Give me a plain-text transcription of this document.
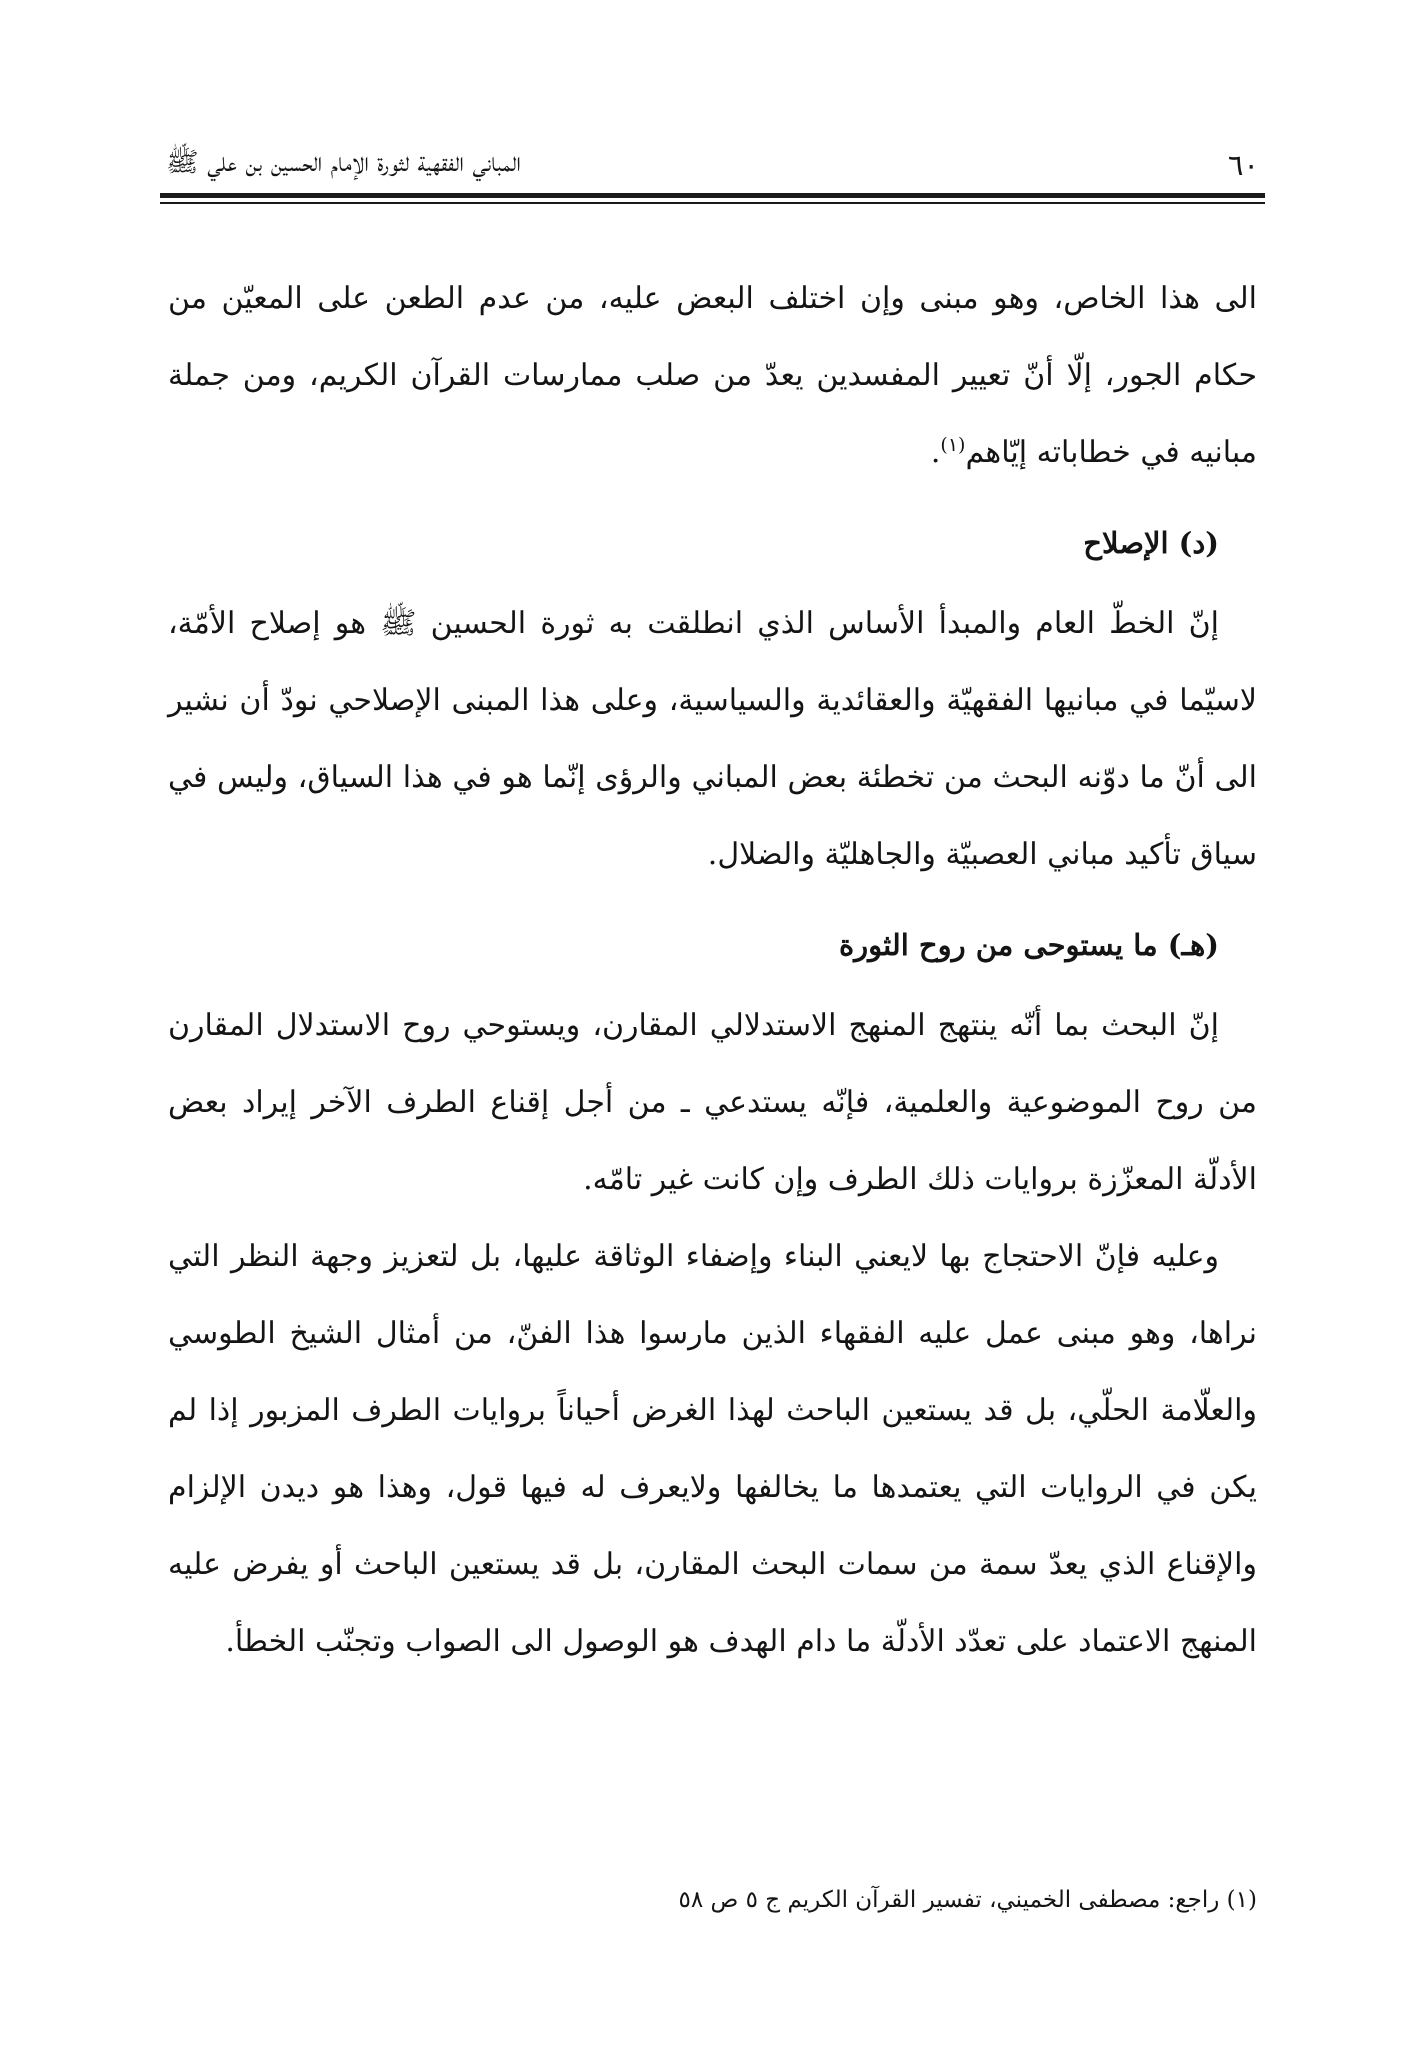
٦٠
المباني الفقهية لثورة الإمام الحسين بن علي ﷺ

الى هذا الخاص، وهو مبنى وإن اختلف البعض عليه، من عدم الطعن على المعيّن من حكام الجور، إلّا أنّ تعيير المفسدين يعدّ من صلب ممارسات القرآن الكريم، ومن جملة مبانيه في خطاباته إيّاهم$^{(١)}$.

(د) الإصلاح

إنّ الخطّ العام والمبدأ الأساس الذي انطلقت به ثورة الحسين ﷺ هو إصلاح الأمّة، لاسيّما في مبانيها الفقهيّة والعقائدية والسياسية، وعلى هذا المبنى الإصلاحي نودّ أن نشير الى أنّ ما دوّنه البحث من تخطئة بعض المباني والرؤى إنّما هو في هذا السياق، وليس في سياق تأكيد مباني العصبيّة والجاهليّة والضلال.

(هـ) ما يستوحى من روح الثورة

إنّ البحث بما أنّه ينتهج المنهج الاستدلالي المقارن، ويستوحي روح الاستدلال المقارن من روح الموضوعية والعلمية، فإنّه يستدعي ـ من أجل إقناع الطرف الآخر إيراد بعض الأدلّة المعزّزة بروايات ذلك الطرف وإن كانت غير تامّه.

وعليه فإنّ الاحتجاج بها لايعني البناء وإضفاء الوثاقة عليها، بل لتعزيز وجهة النظر التي نراها، وهو مبنى عمل عليه الفقهاء الذين مارسوا هذا الفنّ، من أمثال الشيخ الطوسي والعلّامة الحلّي، بل قد يستعين الباحث لهذا الغرض أحياناً بروايات الطرف المزبور إذا لم يكن في الروايات التي يعتمدها ما يخالفها ولايعرف له فيها قول، وهذا هو ديدن الإلزام والإقناع الذي يعدّ سمة من سمات البحث المقارن، بل قد يستعين الباحث أو يفرض عليه المنهج الاعتماد على تعدّد الأدلّة ما دام الهدف هو الوصول الى الصواب وتجنّب الخطأ.

(١) راجع: مصطفى الخميني، تفسير القرآن الكريم ج ٥ ص ٥٨
